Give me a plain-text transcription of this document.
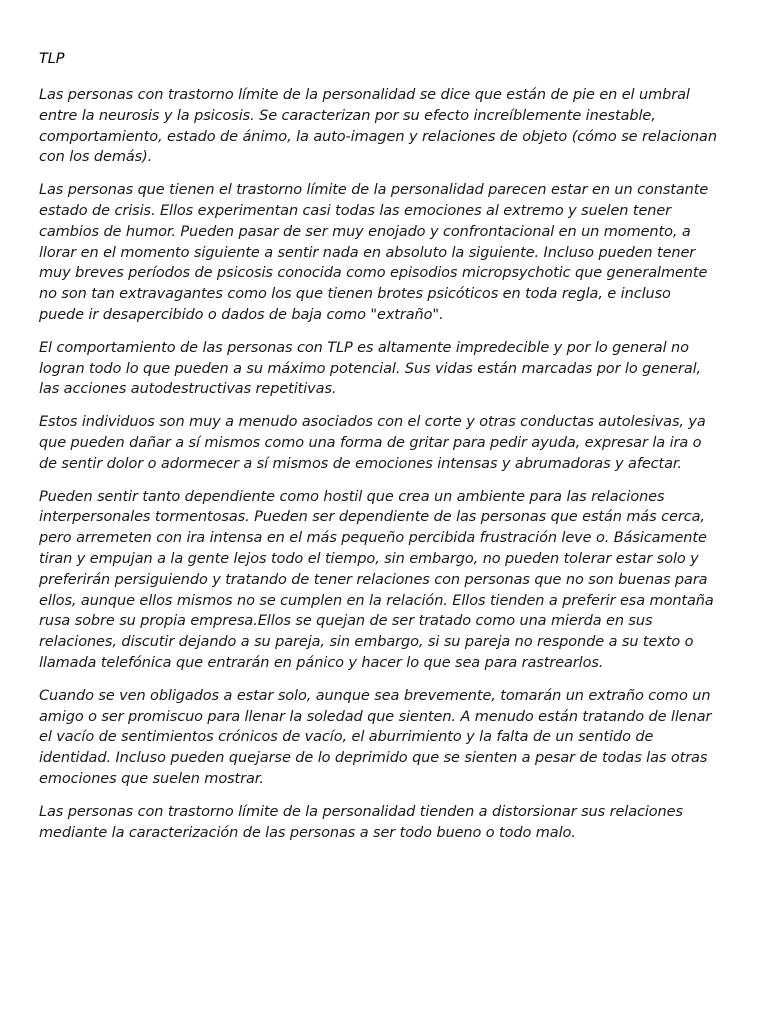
TLP

Las personas con trastorno límite de la personalidad se dice que están de pie en el umbral entre la neurosis y la psicosis. Se caracterizan por su efecto increíblemente inestable, comportamiento, estado de ánimo, la auto-imagen y relaciones de objeto (cómo se relacionan con los demás).

Las personas que tienen el trastorno límite de la personalidad parecen estar en un constante estado de crisis. Ellos experimentan casi todas las emociones al extremo y suelen tener cambios de humor. Pueden pasar de ser muy enojado y confrontacional en un momento, a llorar en el momento siguiente a sentir nada en absoluto la siguiente. Incluso pueden tener muy breves períodos de psicosis conocida como episodios micropsychotic que generalmente no son tan extravagantes como los que tienen brotes psicóticos en toda regla, e incluso puede ir desapercibido o dados de baja como "extraño".

El comportamiento de las personas con TLP es altamente impredecible y por lo general no logran todo lo que pueden a su máximo potencial. Sus vidas están marcadas por lo general, las acciones autodestructivas repetitivas.

Estos individuos son muy a menudo asociados con el corte y otras conductas autolesivas, ya que pueden dañar a sí mismos como una forma de gritar para pedir ayuda, expresar la ira o de sentir dolor o adormecer a sí mismos de emociones intensas y abrumadoras y afectar.

Pueden sentir tanto dependiente como hostil que crea un ambiente para las relaciones interpersonales tormentosas. Pueden ser dependiente de las personas que están más cerca, pero arremeten con ira intensa en el más pequeño percibida frustración leve o. Básicamente tiran y empujan a la gente lejos todo el tiempo, sin embargo, no pueden tolerar estar solo y preferirán persiguiendo y tratando de tener relaciones con personas que no son buenas para ellos, aunque ellos mismos no se cumplen en la relación. Ellos tienden a preferir esa montaña rusa sobre su propia empresa.Ellos se quejan de ser tratado como una mierda en sus relaciones, discutir dejando a su pareja, sin embargo, si su pareja no responde a su texto o llamada telefónica que entrarán en pánico y hacer lo que sea para rastrearlos.

Cuando se ven obligados a estar solo, aunque sea brevemente, tomarán un extraño como un amigo o ser promiscuo para llenar la soledad que sienten. A menudo están tratando de llenar el vacío de sentimientos crónicos de vacío, el aburrimiento y la falta de un sentido de identidad. Incluso pueden quejarse de lo deprimido que se sienten a pesar de todas las otras emociones que suelen mostrar.

Las personas con trastorno límite de la personalidad tienden a distorsionar sus relaciones mediante la caracterización de las personas a ser todo bueno o todo malo.
